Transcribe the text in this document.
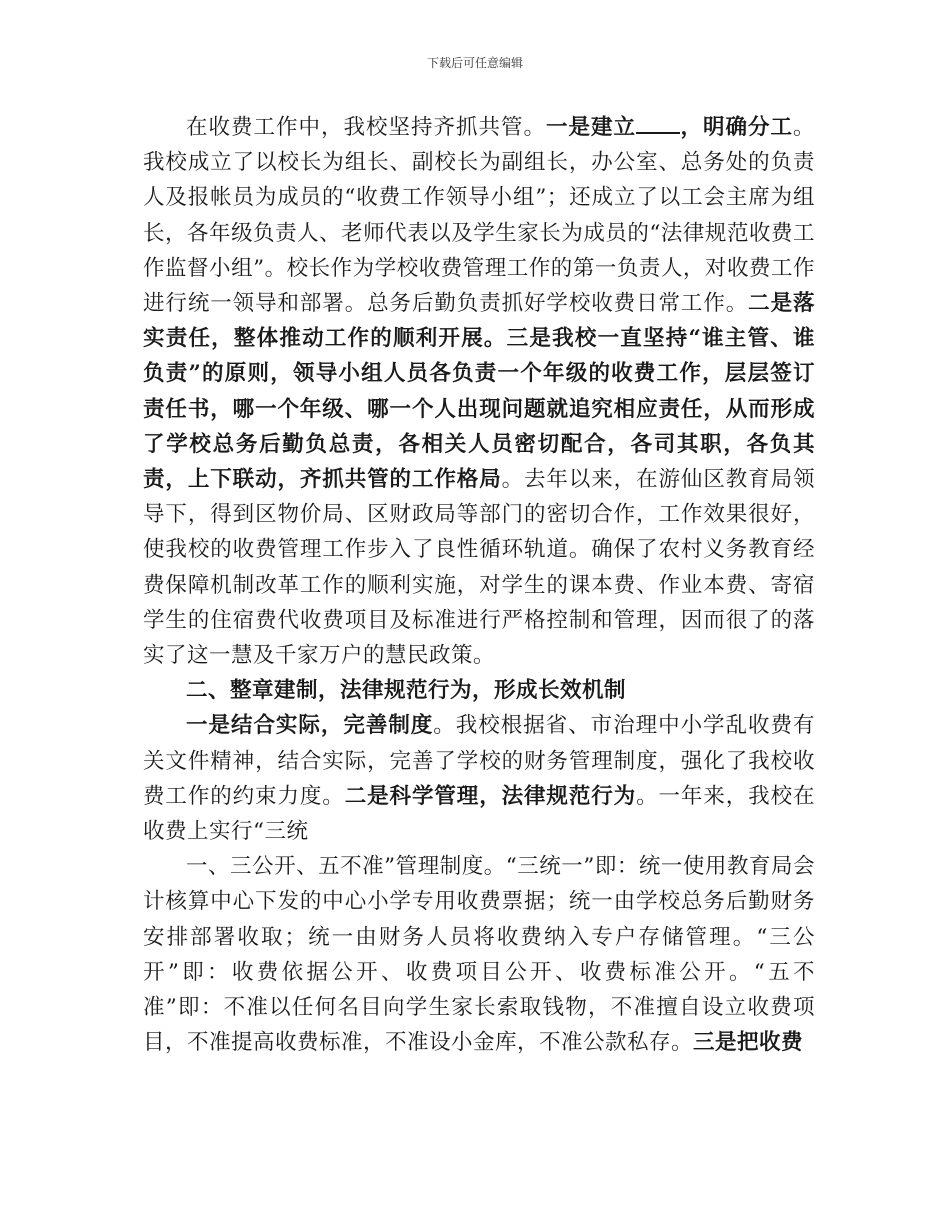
下载后可任意编辑

在收费工作中，我校坚持齐抓共管。一是建立 ，明确分工。我校成立了以校长为组长、副校长为副组长，办公室、总务处的负责人及报帐员为成员的“收费工作领导小组”；还成立了以工会主席为组长，各年级负责人、老师代表以及学生家长为成员的“法律规范收费工作监督小组”。校长作为学校收费管理工作的第一负责人，对收费工作进行统一领导和部署。总务后勤负责抓好学校收费日常工作。二是落实责任，整体推动工作的顺利开展。三是我校一直坚持“谁主管、谁负责”的原则，领导小组人员各负责一个年级的收费工作，层层签订责任书，哪一个年级、哪一个人出现问题就追究相应责任，从而形成了学校总务后勤负总责，各相关人员密切配合，各司其职，各负其责，上下联动，齐抓共管的工作格局。去年以来，在游仙区教育局领导下，得到区物价局、区财政局等部门的密切合作，工作效果很好，使我校的收费管理工作步入了良性循环轨道。确保了农村义务教育经费保障机制改革工作的顺利实施，对学生的课本费、作业本费、寄宿学生的住宿费代收费项目及标准进行严格控制和管理，因而很了的落实了这一慧及千家万户的慧民政策。

二、整章建制，法律规范行为，形成长效机制

一是结合实际，完善制度。我校根据省、市治理中小学乱收费有关文件精神，结合实际，完善了学校的财务管理制度，强化了我校收费工作的约束力度。二是科学管理，法律规范行为。一年来，我校在收费上实行“三统

一、三公开、五不准”管理制度。“三统一”即：统一使用教育局会计核算中心下发的中心小学专用收费票据；统一由学校总务后勤财务安排部署收取；统一由财务人员将收费纳入专户存储管理。“三公开”即：收费依据公开、收费项目公开、收费标准公开。“五不准”即：不准以任何名目向学生家长索取钱物，不准擅自设立收费项目，不准提高收费标准，不准设小金库，不准公款私存。三是把收费
